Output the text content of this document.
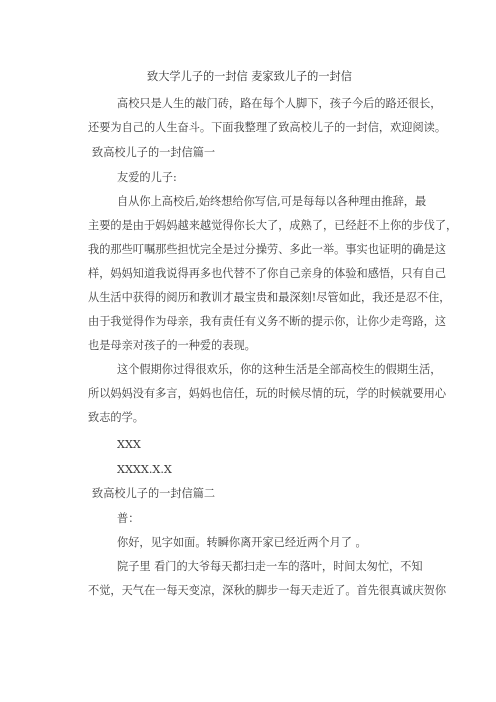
致大学儿子的一封信 麦家致儿子的一封信
高校只是人生的敲门砖，路在每个人脚下，孩子今后的路还很长，
还要为自己的人生奋斗。下面我整理了致高校儿子的一封信，欢迎阅读。
致高校儿子的一封信篇一
友爱的儿子:
自从你上高校后,始终想给你写信,可是每每以各种理由推辞，最
主要的是由于妈妈越来越觉得你长大了，成熟了，已经赶不上你的步伐了，
我的那些叮嘱那些担忧完全是过分操劳、多此一举。事实也证明的确是这
样，妈妈知道我说得再多也代替不了你自己亲身的体验和感悟，只有自己
从生活中获得的阅历和教训才最宝贵和最深刻!尽管如此，我还是忍不住，
由于我觉得作为母亲，我有责任有义务不断的提示你，让你少走弯路，这
也是母亲对孩子的一种爱的表现。
这个假期你过得很欢乐，你的这种生活是全部高校生的假期生活，
所以妈妈没有多言，妈妈也信任，玩的时候尽情的玩，学的时候就要用心
致志的学。
XXX
XXXX.X.X
致高校儿子的一封信篇二
普：
你好，见字如面。转瞬你离开家已经近两个月了 。
院子里 看门的大爷每天都扫走一车的落叶，时间太匆忙，不知
不觉，天气在一每天变凉，深秋的脚步一每天走近了。首先很真诚庆贺你
